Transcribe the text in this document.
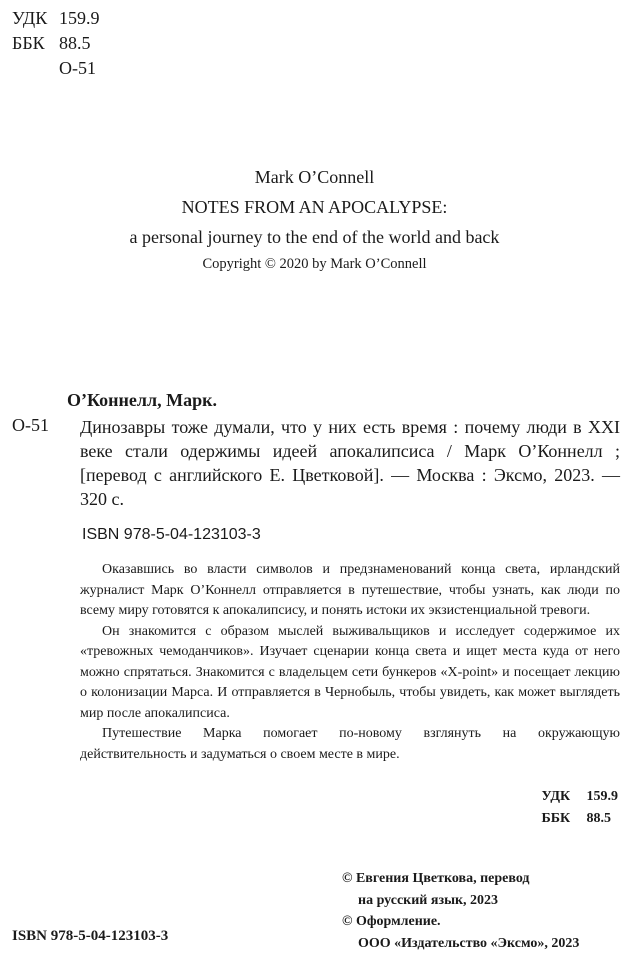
УДК 159.9
ББК 88.5
О-51
Mark O’Connell
NOTES FROM AN APOCALYPSE:
a personal journey to the end of the world and back
Copyright © 2020 by Mark O’Connell
О’Коннелл, Марк.
О-51 Динозавры тоже думали, что у них есть время : почему люди в XXI веке стали одержимы идеей апокалипсиса / Марк О’Коннелл ; [перевод с английского Е. Цветковой]. — Москва : Эксмо, 2023. — 320 с.
ISBN 978-5-04-123103-3

Оказавшись во власти символов и предзнаменований конца света, ирландский журналист Марк О’Коннелл отправляется в путешествие, чтобы узнать, как люди по всему миру готовятся к апокалипсису, и понять истоки их экзистенциальной тревоги.

Он знакомится с образом мыслей выживальщиков и исследует содержимое их «тревожных чемоданчиков». Изучает сценарии конца света и ищет места куда от него можно спрятаться. Знакомится с владельцем сети бункеров «X-point» и посещает лекцию о колонизации Марса. И отправляется в Чернобыль, чтобы увидеть, как может выглядеть мир после апокалипсиса.

Путешествие Марка помогает по-новому взглянуть на окружающую действительность и задуматься о своем месте в мире.

УДК 159.9
ББК 88.5
© Евгения Цветкова, перевод
на русский язык, 2023
© Оформление.
ООО «Издательство «Эксмо», 2023
ISBN 978-5-04-123103-3
